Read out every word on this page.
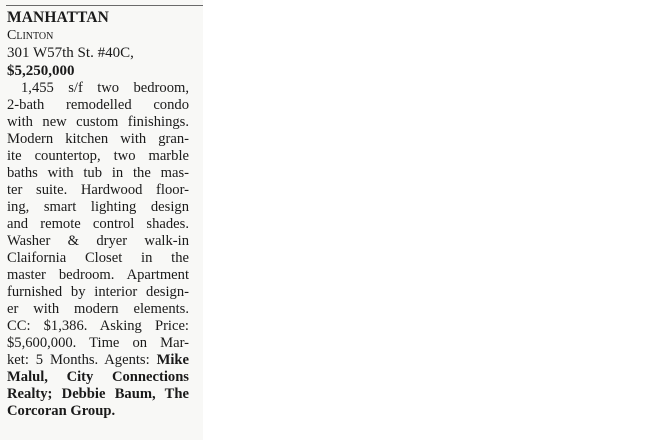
MANHATTAN
Clinton
301 W57th St. #40C,
$5,250,000
1,455 s/f two bedroom,
2-bath remodelled condo
with new custom finishings.
Modern kitchen with gran-
ite countertop, two marble
baths with tub in the mas-
ter suite. Hardwood floor-
ing, smart lighting design
and remote control shades.
Washer & dryer walk-in
Claifornia Closet in the
master bedroom. Apartment
furnished by interior design-
er with modern elements.
CC: $1,386. Asking Price:
$5,600,000. Time on Mar-
ket: 5 Months. Agents: Mike
Malul, City Connections
Realty; Debbie Baum, The
Corcoran Group.
